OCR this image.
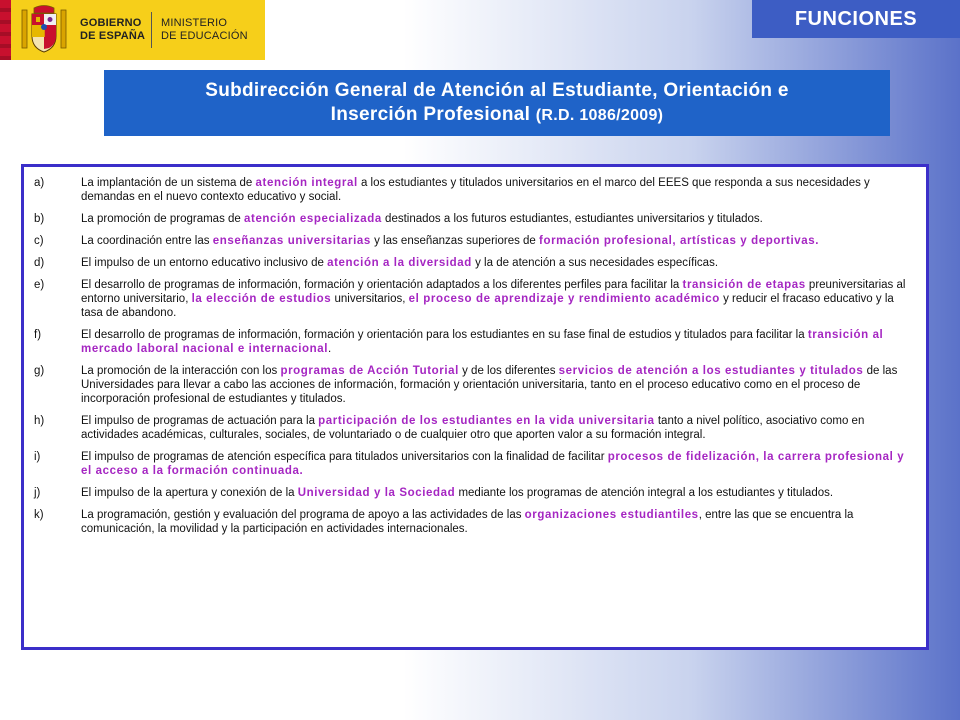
GOBIERNO
DE ESPAÑA
MINISTERIO
DE EDUCACIÓN
FUNCIONES
Subdirección General de Atención al Estudiante, Orientación e
Inserción Profesional (R.D. 1086/2009)
a)	La implantación de un sistema de atención integral a los estudiantes y titulados universitarios en el marco del EEES que responda a sus necesidades y demandas en el nuevo contexto educativo y social.
b)	La promoción de programas de atención especializada destinados a los futuros estudiantes, estudiantes universitarios y titulados.
c)	La coordinación entre las enseñanzas universitarias y las enseñanzas superiores de formación profesional, artísticas y deportivas.
d)	El impulso de un entorno educativo inclusivo de atención a la diversidad y la de atención a sus necesidades específicas.
e)	El desarrollo de programas de información, formación y orientación adaptados a los diferentes perfiles para facilitar la transición de etapas preuniversitarias al entorno universitario, la elección de estudios universitarios, el proceso de aprendizaje y rendimiento académico y reducir el fracaso educativo y la tasa de abandono.
f)	El desarrollo de programas de información, formación y orientación para los estudiantes en su fase final de estudios y titulados para facilitar la transición al mercado laboral nacional e internacional.
g)	La promoción de la interacción con los programas de Acción Tutorial y de los diferentes servicios de atención a los estudiantes y titulados de las Universidades para llevar a cabo las acciones de información, formación y orientación universitaria, tanto en el proceso educativo como en el proceso de incorporación profesional de estudiantes y titulados.
h)	El impulso de programas de actuación para la participación de los estudiantes en la vida universitaria tanto a nivel político, asociativo como en actividades académicas, culturales, sociales, de voluntariado o de cualquier otro que aporten valor a su formación integral.
i)	El impulso de programas de atención específica para titulados universitarios con la finalidad de facilitar procesos de fidelización, la carrera profesional y el acceso a la formación continuada.
j)	El impulso de la apertura y conexión de la Universidad y la Sociedad mediante los programas de atención integral a los estudiantes y titulados.
k)	La programación, gestión y evaluación del programa de apoyo a las actividades de las organizaciones estudiantiles, entre las que se encuentra la comunicación, la movilidad y la participación en actividades internacionales.
